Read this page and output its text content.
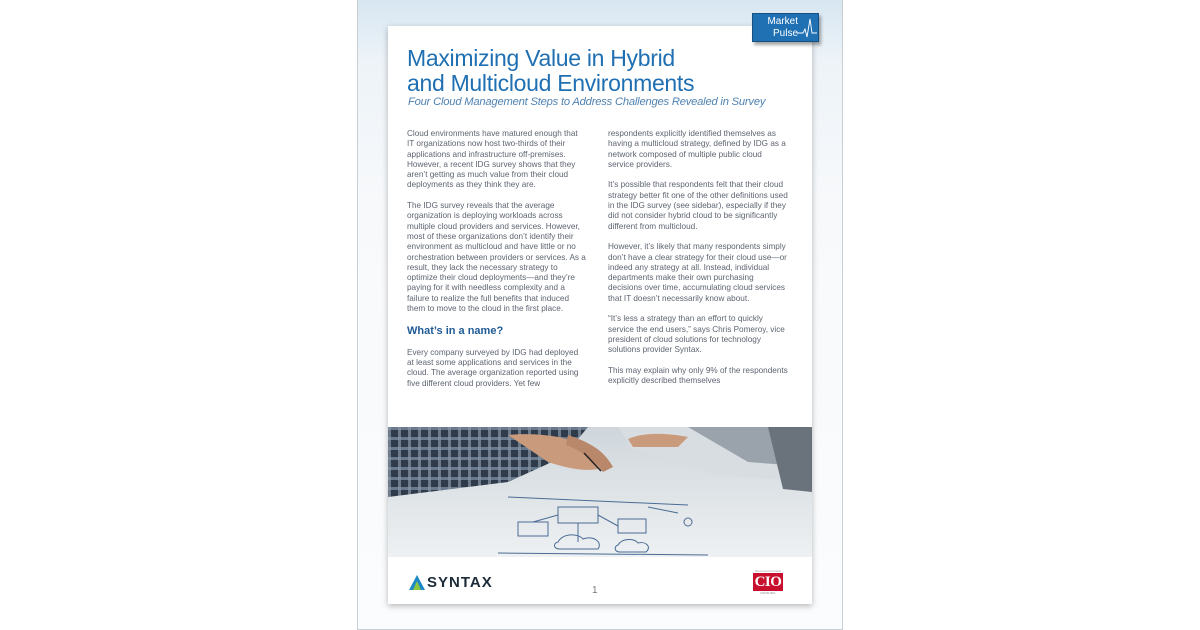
Market
Pulse
Maximizing Value in Hybrid
and Multicloud Environments
Four Cloud Management Steps to Address Challenges Revealed in Survey

Cloud environments have matured enough that IT organizations now host two-thirds of their applications and infrastructure off-premises. However, a recent IDG survey shows that they aren’t getting as much value from their cloud deployments as they think they are.

The IDG survey reveals that the average organization is deploying workloads across multiple cloud providers and services. However, most of these organizations don’t identify their environment as multicloud and have little or no orchestration between providers or services. As a result, they lack the necessary strategy to optimize their cloud deployments—and they’re paying for it with needless complexity and a failure to realize the full benefits that induced them to move to the cloud in the first place.

What’s in a name?

Every company surveyed by IDG had deployed at least some applications and services in the cloud. The average organization reported using five different cloud providers. Yet few

respondents explicitly identified themselves as having a multicloud strategy, defined by IDG as a network composed of multiple public cloud service providers.

It’s possible that respondents felt that their cloud strategy better fit one of the other definitions used in the IDG survey (see sidebar), especially if they did not consider hybrid cloud to be significantly different from multicloud.

However, it’s likely that many respondents simply don’t have a clear strategy for their cloud use—or indeed any strategy at all. Instead, individual departments make their own purchasing decisions over time, accumulating cloud services that IT doesn’t necessarily know about.

“It’s less a strategy than an effort to quickly service the end users,” says Chris Pomeroy, vice president of cloud solutions for technology solutions provider Syntax.

This may explain why only 9% of the respondents explicitly described themselves

SYNTAX	1
Sponsored Content
CIO
FROM IDG
